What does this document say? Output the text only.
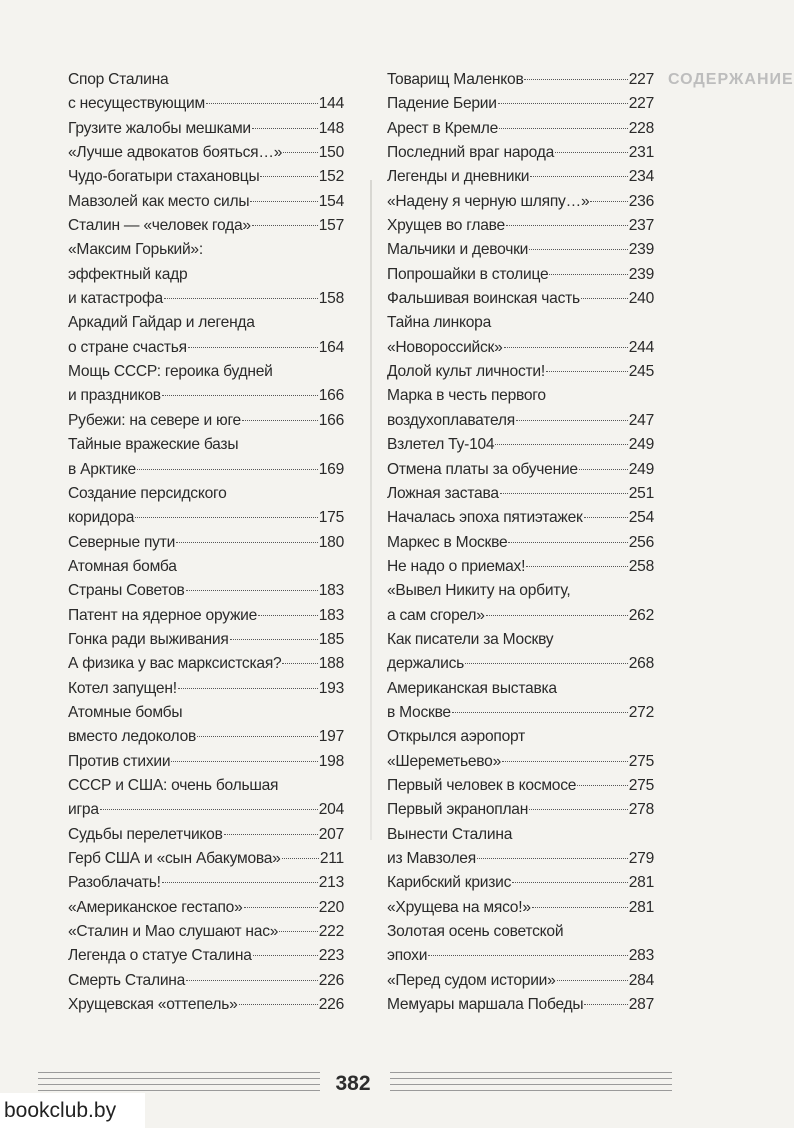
СОДЕРЖАНИЕ
Спор Сталина
с несуществующим	144
Грузите жалобы мешками	148
«Лучше адвокатов бояться…» 150
Чудо-богатыри стахановцы	152
Мавзолей как место силы	154
Сталин — «человек года»	157
«Максим Горький»:
эффектный кадр
и катастрофа	158
Аркадий Гайдар и легенда
о стране счастья	164
Мощь СССР: героика будней
и праздников	166
Рубежи: на севере и юге	166
Тайные вражеские базы
в Арктике	169
Создание персидского
коридора	175
Северные пути	180
Атомная бомба
Страны Советов	183
Патент на ядерное оружие	183
Гонка ради выживания	185
А физика у вас марксистская? 188
Котел запущен!	193
Атомные бомбы
вместо ледоколов	197
Против стихии	198
СССР и США: очень большая
игра	204
Судьбы перелетчиков	207
Герб США и «сын Абакумова»	211
Разоблачать!	213
«Американское гестапо»	220
«Сталин и Мао слушают нас»	222
Легенда о статуе Сталина	223
Смерть Сталина	226
Хрущевская «оттепель»	226
Товарищ Маленков	227
Падение Берии	227
Арест в Кремле	228
Последний враг народа	231
Легенды и дневники	234
«Надену я черную шляпу…»	236
Хрущев во главе	237
Мальчики и девочки	239
Попрошайки в столице	239
Фальшивая воинская часть	240
Тайна линкора
«Новороссийск»	244
Долой культ личности!	245
Марка в честь первого
воздухоплавателя	247
Взлетел Ту-104	249
Отмена платы за обучение	249
Ложная застава	251
Началась эпоха пятиэтажек	254
Маркес в Москве	256
Не надо о приемах!	258
«Вывел Никиту на орбиту,
а сам сгорел»	262
Как писатели за Москву
держались	268
Американская выставка
в Москве	272
Открылся аэропорт
«Шереметьево»	275
Первый человек в космосе	275
Первый экраноплан	278
Вынести Сталина
из Мавзолея	279
Карибский кризис	281
«Хрущева на мясо!»	281
Золотая осень советской
эпохи	283
«Перед судом истории»	284
Мемуары маршала Победы	287
382
bookclub.by
